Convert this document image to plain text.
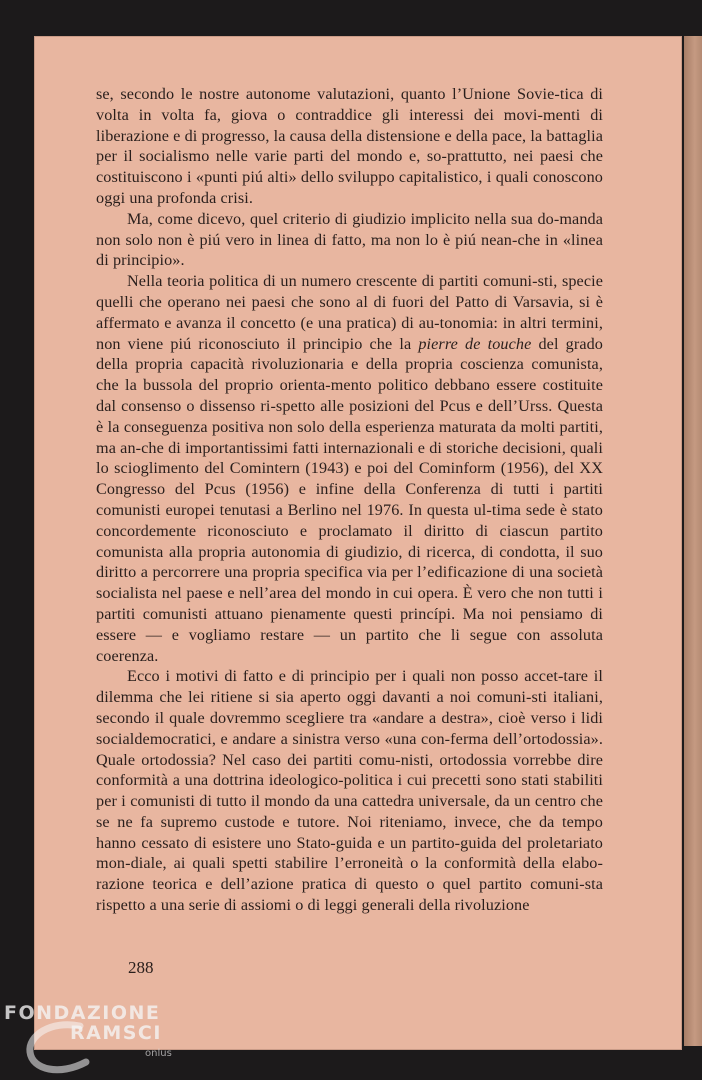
se, secondo le nostre autonome valutazioni, quanto l’Unione Sovie-tica di volta in volta fa, giova o contraddice gli interessi dei movi-menti di liberazione e di progresso, la causa della distensione e della pace, la battaglia per il socialismo nelle varie parti del mondo e, so-prattutto, nei paesi che costituiscono i «punti piú alti» dello sviluppo capitalistico, i quali conoscono oggi una profonda crisi.

Ma, come dicevo, quel criterio di giudizio implicito nella sua do-manda non solo non è piú vero in linea di fatto, ma non lo è piú nean-che in «linea di principio».

Nella teoria politica di un numero crescente di partiti comuni-sti, specie quelli che operano nei paesi che sono al di fuori del Patto di Varsavia, si è affermato e avanza il concetto (e una pratica) di au-tonomia: in altri termini, non viene piú riconosciuto il principio che la pierre de touche del grado della propria capacità rivoluzionaria e della propria coscienza comunista, che la bussola del proprio orienta-mento politico debbano essere costituite dal consenso o dissenso ri-spetto alle posizioni del Pcus e dell’Urss. Questa è la conseguenza positiva non solo della esperienza maturata da molti partiti, ma an-che di importantissimi fatti internazionali e di storiche decisioni, quali lo scioglimento del Comintern (1943) e poi del Cominform (1956), del XX Congresso del Pcus (1956) e infine della Conferenza di tutti i partiti comunisti europei tenutasi a Berlino nel 1976. In questa ul-tima sede è stato concordemente riconosciuto e proclamato il diritto di ciascun partito comunista alla propria autonomia di giudizio, di ricerca, di condotta, il suo diritto a percorrere una propria specifica via per l’edificazione di una società socialista nel paese e nell’area del mondo in cui opera. È vero che non tutti i partiti comunisti attuano pienamente questi princípi. Ma noi pensiamo di essere — e vogliamo restare — un partito che li segue con assoluta coerenza.

Ecco i motivi di fatto e di principio per i quali non posso accet-tare il dilemma che lei ritiene si sia aperto oggi davanti a noi comuni-sti italiani, secondo il quale dovremmo scegliere tra «andare a destra», cioè verso i lidi socialdemocratici, e andare a sinistra verso «una con-ferma dell’ortodossia». Quale ortodossia? Nel caso dei partiti comu-nisti, ortodossia vorrebbe dire conformità a una dottrina ideologico-politica i cui precetti sono stati stabiliti per i comunisti di tutto il mondo da una cattedra universale, da un centro che se ne fa supremo custode e tutore. Noi riteniamo, invece, che da tempo hanno cessato di esistere uno Stato-guida e un partito-guida del proletariato mon-diale, ai quali spetti stabilire l’erroneità o la conformità della elabo-razione teorica e dell’azione pratica di questo o quel partito comuni-sta rispetto a una serie di assiomi o di leggi generali della rivoluzione

288
FONDAZIONE
RAMSCI
onlus
